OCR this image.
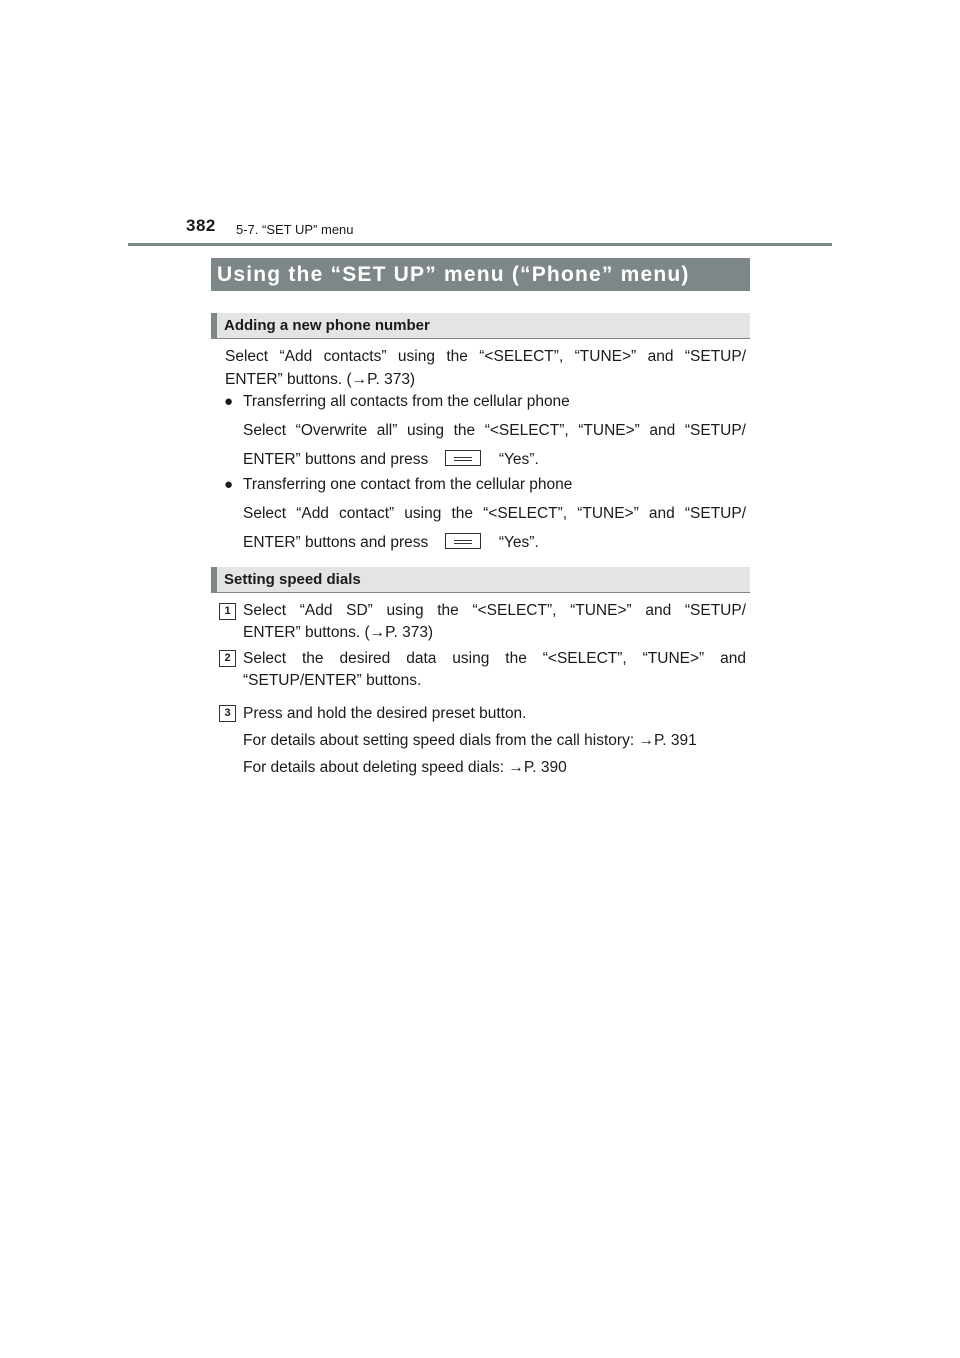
382 5-7. “SET UP” menu
Using the “SET UP” menu (“Phone” menu)
Adding a new phone number
Select “Add contacts” using the “<SELECT”, “TUNE>” and “SETUP/
ENTER” buttons. (→P. 373)
● Transferring all contacts from the cellular phone
Select “Overwrite all” using the “<SELECT”, “TUNE>” and “SETUP/
ENTER” buttons and press	“Yes”.
● Transferring one contact from the cellular phone
Select “Add contact” using the “<SELECT”, “TUNE>” and “SETUP/
ENTER” buttons and press	“Yes”.
Setting speed dials
1 Select “Add SD” using the “<SELECT”, “TUNE>” and “SETUP/
ENTER” buttons. (→P. 373)
2 Select the desired data using the “<SELECT”, “TUNE>” and
“SETUP/ENTER” buttons.
3 Press and hold the desired preset button.
For details about setting speed dials from the call history: →P. 391
For details about deleting speed dials: →P. 390
